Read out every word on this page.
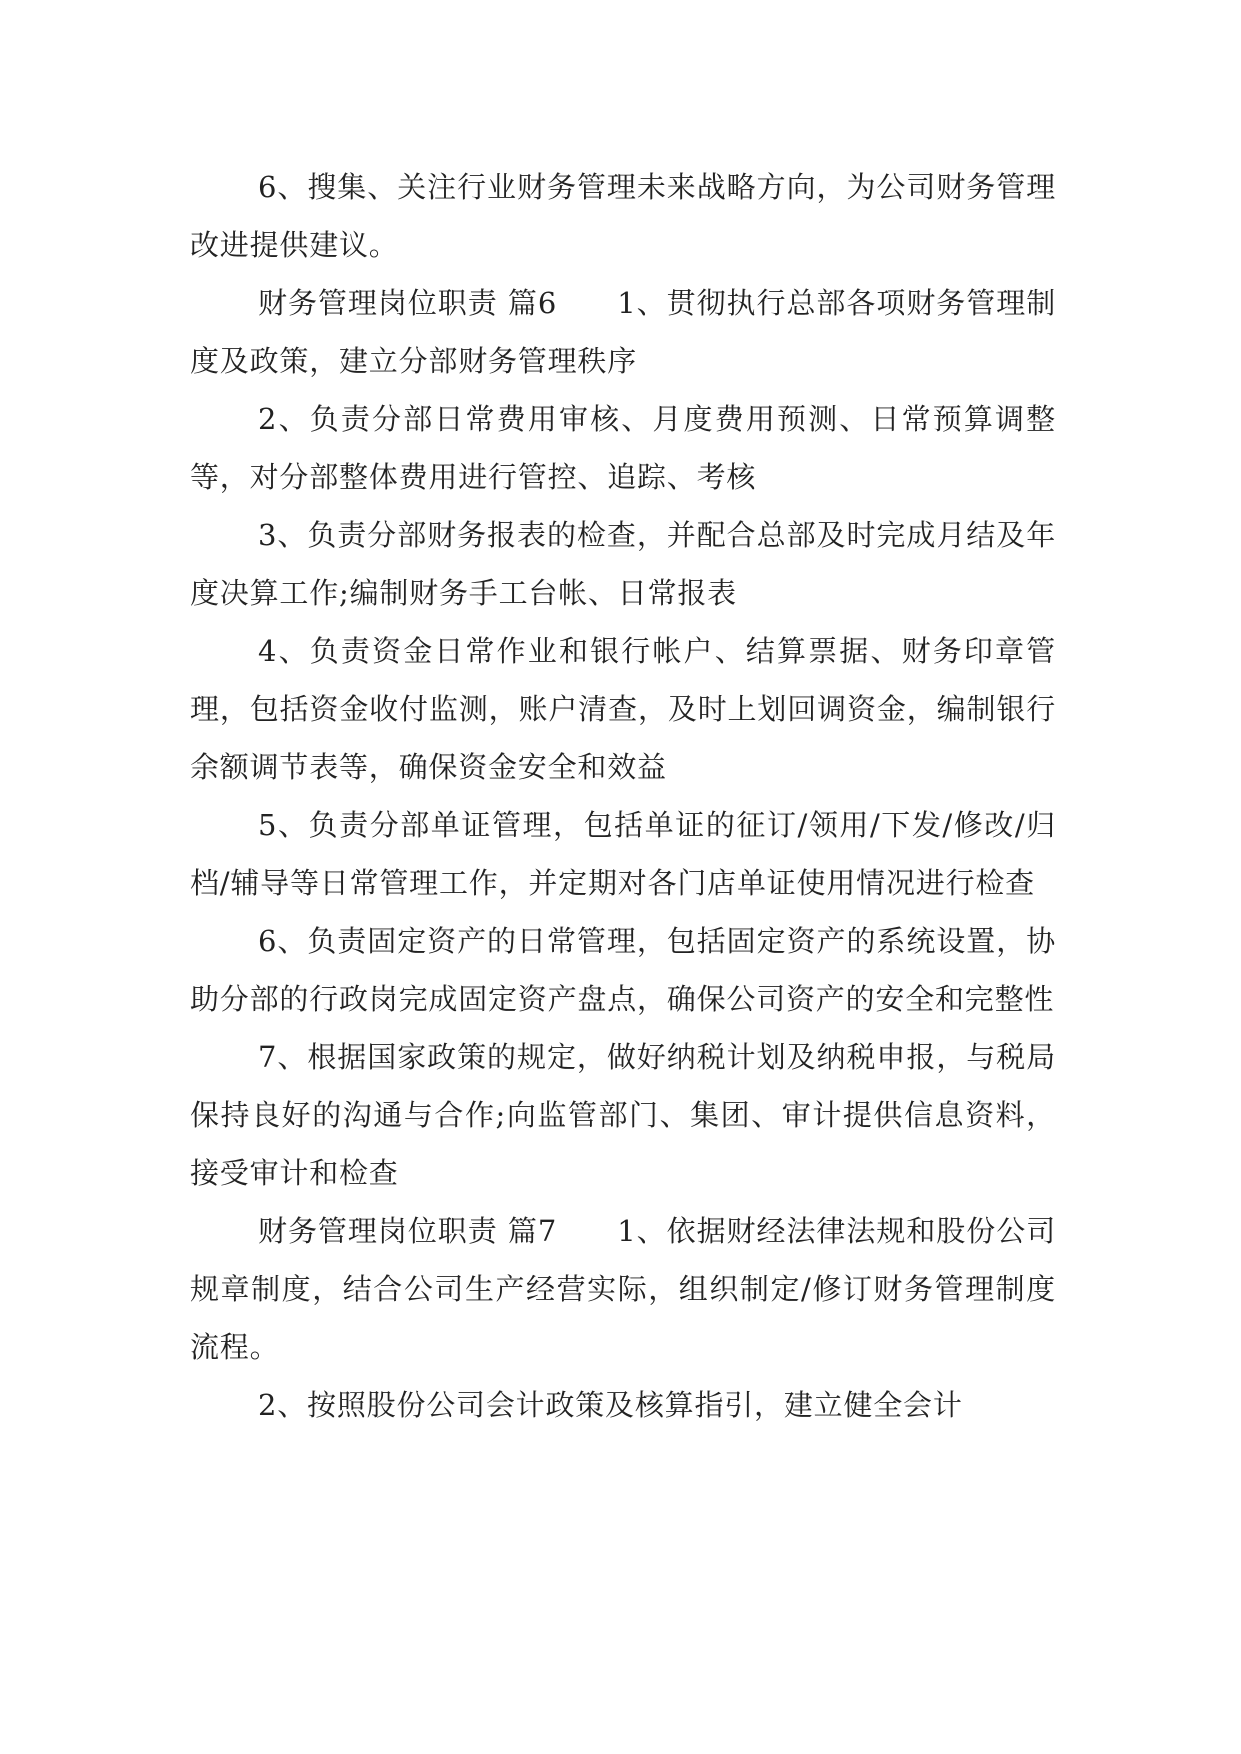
6、搜集、关注行业财务管理未来战略方向，为公司财务管理改进提供建议。

财务管理岗位职责 篇6　　1、贯彻执行总部各项财务管理制度及政策，建立分部财务管理秩序

2、负责分部日常费用审核、月度费用预测、日常预算调整等，对分部整体费用进行管控、追踪、考核

3、负责分部财务报表的检查，并配合总部及时完成月结及年度决算工作;编制财务手工台帐、日常报表

4、负责资金日常作业和银行帐户、结算票据、财务印章管理，包括资金收付监测，账户清查，及时上划回调资金，编制银行余额调节表等，确保资金安全和效益

5、负责分部单证管理，包括单证的征订/领用/下发/修改/归档/辅导等日常管理工作，并定期对各门店单证使用情况进行检查

6、负责固定资产的日常管理，包括固定资产的系统设置，协助分部的行政岗完成固定资产盘点，确保公司资产的安全和完整性

7、根据国家政策的规定，做好纳税计划及纳税申报，与税局保持良好的沟通与合作;向监管部门、集团、审计提供信息资料，接受审计和检查

财务管理岗位职责 篇7　　1、依据财经法律法规和股份公司规章制度，结合公司生产经营实际，组织制定/修订财务管理制度流程。

2、按照股份公司会计政策及核算指引，建立健全会计
